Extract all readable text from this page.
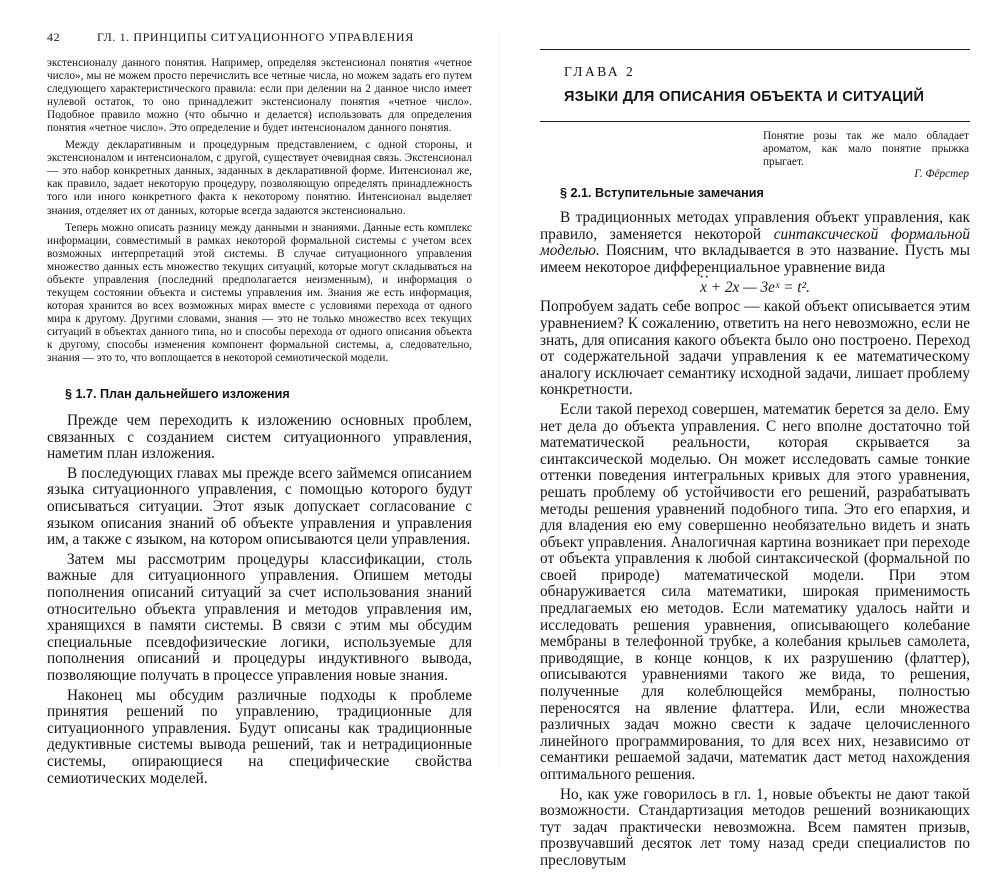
42	ГЛ. 1. ПРИНЦИПЫ СИТУАЦИОННОГО УПРАВЛЕНИЯ

экстенсионалу данного понятия. Например, определяя экстенсионал понятия «четное число», мы не можем просто перечислить все четные числа, но можем задать его путем следующего характеристического правила: если при делении на 2 данное число имеет нулевой остаток, то оно принадлежит экстенсионалу понятия «четное число». Подобное правило можно (что обычно и делается) использовать для определения понятия «четное число». Это определение и будет интенсионалом данного понятия.

Между декларативным и процедурным представлением, с одной стороны, и экстенсионалом и интенсионалом, с другой, существует очевидная связь. Экстенсионал — это набор конкретных данных, заданных в декларативной форме. Интенсионал же, как правило, задает некоторую процедуру, позволяющую определять принадлежность того или иного конкретного факта к некоторому понятию. Интенсионал выделяет знания, отделяет их от данных, которые всегда задаются экстенсионально.

Теперь можно описать разницу между данными и знаниями. Данные есть комплекс информации, совместимый в рамках некоторой формальной системы с учетом всех возможных интерпретаций этой системы. В случае ситуационного управления множество данных есть множество текущих ситуаций, которые могут складываться на объекте управления (последний предполагается неизменным), и информация о текущем состоянии объекта и системы управления им. Знания же есть информация, которая хранится во всех возможных мирах вместе с условиями перехода от одного мира к другому. Другими словами, знания — это не только множество всех текущих ситуаций в объектах данного типа, но и способы перехода от одного описания объекта к другому, способы изменения компонент формальной системы, а, следовательно, знания — это то, что воплощается в некоторой семиотической модели.

§ 1.7. План дальнейшего изложения

Прежде чем переходить к изложению основных проблем, связанных с созданием систем ситуационного управления, наметим план изложения.

В последующих главах мы прежде всего займемся описанием языка ситуационного управления, с помощью которого будут описываться ситуации. Этот язык допускает согласование с языком описания знаний об объекте управления и управления им, а также с языком, на котором описываются цели управления.

Затем мы рассмотрим процедуры классификации, столь важные для ситуационного управления. Опишем методы пополнения описаний ситуаций за счет использования знаний относительно объекта управления и методов управления им, хранящихся в памяти системы. В связи с этим мы обсудим специальные псевдофизические логики, используемые для пополнения описаний и процедуры индуктивного вывода, позволяющие получать в процессе управления новые знания.

Наконец мы обсудим различные подходы к проблеме принятия решений по управлению, традиционные для ситуационного управления. Будут описаны как традиционные дедуктивные системы вывода решений, так и нетрадиционные системы, опирающиеся на специфические свойства семиотических моделей.

ГЛАВА 2
ЯЗЫКИ ДЛЯ ОПИСАНИЯ ОБЪЕКТА И СИТУАЦИЙ
Понятие розы так же мало обладает ароматом, как мало понятие прыжка прыгает.
Г. Фёрстер
§ 2.1. Вступительные замечания

В традиционных методах управления объект управления, как правило, заменяется некоторой синтаксической формальной моделью. Поясним, что вкладывается в это название. Пусть мы имеем некоторое дифференциальное уравнение вида

·· x + 2x — 3eˣ = t².

Попробуем задать себе вопрос — какой объект описывается этим уравнением? К сожалению, ответить на него невозможно, если не знать, для описания какого объекта было оно построено. Переход от содержательной задачи управления к ее математическому аналогу исключает семантику исходной задачи, лишает проблему конкретности.

Если такой переход совершен, математик берется за дело. Ему нет дела до объекта управления. С него вполне достаточно той математической реальности, которая скрывается за синтаксической моделью. Он может исследовать самые тонкие оттенки поведения интегральных кривых для этого уравнения, решать проблему об устойчивости его решений, разрабатывать методы решения уравнений подобного типа. Это его епархия, и для владения ею ему совершенно необязательно видеть и знать объект управления. Аналогичная картина возникает при переходе от объекта управления к любой синтаксической (формальной по своей природе) математической модели. При этом обнаруживается сила математики, широкая применимость предлагаемых ею методов. Если математику удалось найти и исследовать решения уравнения, описывающего колебание мембраны в телефонной трубке, а колебания крыльев самолета, приводящие, в конце концов, к их разрушению (флаттер), описываются уравнениями такого же вида, то решения, полученные для колеблющейся мембраны, полностью переносятся на явление флаттера. Или, если множества различных задач можно свести к задаче целочисленного линейного программирования, то для всех них, независимо от семантики решаемой задачи, математик даст метод нахождения оптимального решения.

Но, как уже говорилось в гл. 1, новые объекты не дают такой возможности. Стандартизация методов решений возникающих тут задач практически невозможна. Всем памятен призыв, прозвучавший десяток лет тому назад среди специалистов по пресловутым
